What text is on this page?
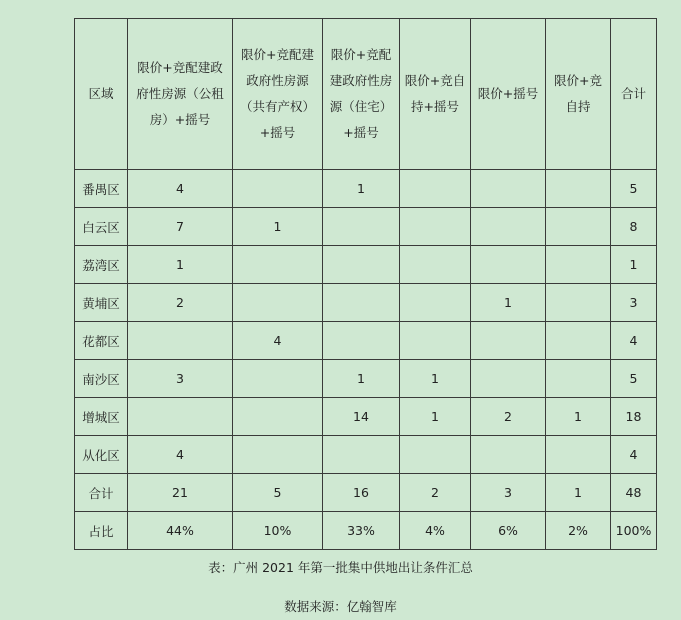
区域	限价+竞配建政府性房源（公租房）+摇号	限价+竞配建政府性房源（共有产权）+摇号	限价+竞配建政府性房源（住宅）+摇号	限价+竞自持+摇号	限价+摇号	限价+竞自持	合计
番禺区	4		1				5
白云区	7	1					8
荔湾区	1						1
黄埔区	2				1		3
花都区		4					4
南沙区	3		1	1			5
增城区			14	1	2	1	18
从化区	4						4
合计	21	5	16	2	3	1	48
占比	44%	10%	33%	4%	6%	2%	100%
表：广州 2021 年第一批集中供地出让条件汇总
数据来源：亿翰智库
